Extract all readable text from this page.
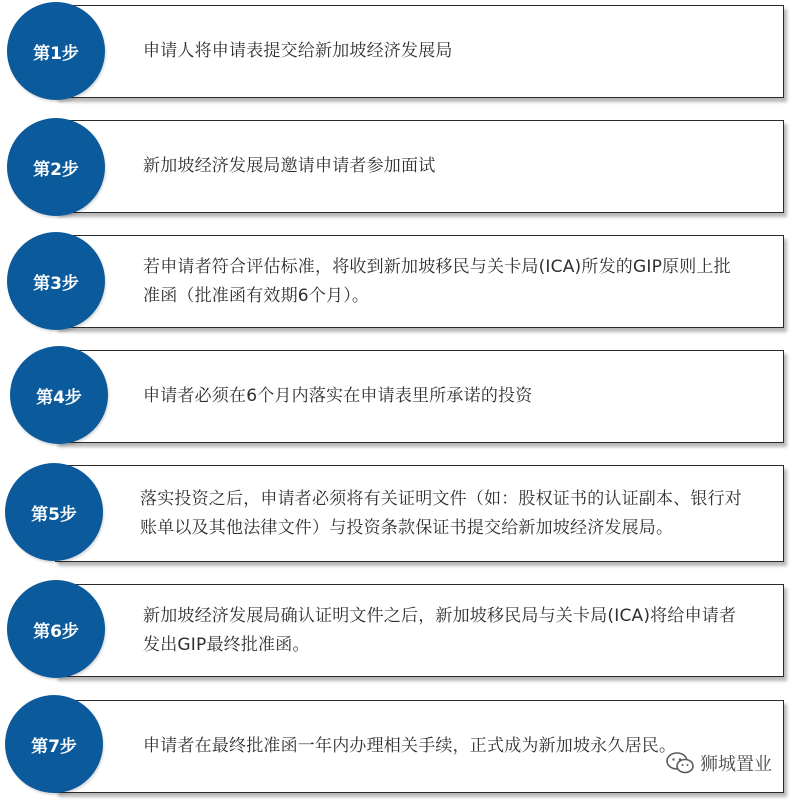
申请人将申请表提交给新加坡经济发展局
第1步
新加坡经济发展局邀请申请者参加面试
第2步
若申请者符合评估标准，将收到新加坡移民与关卡局(ICA)所发的GIP原则上批准函（批准函有效期6个月）。
第3步
申请者必须在6个月内落实在申请表里所承诺的投资
第4步
落实投资之后，申请者必须将有关证明文件（如：股权证书的认证副本、银行对账单以及其他法律文件）与投资条款保证书提交给新加坡经济发展局。
第5步
新加坡经济发展局确认证明文件之后，新加坡移民局与关卡局(ICA)将给申请者发出GIP最终批准函。
第6步
申请者在最终批准函一年内办理相关手续，正式成为新加坡永久居民。
第7步
狮城置业
